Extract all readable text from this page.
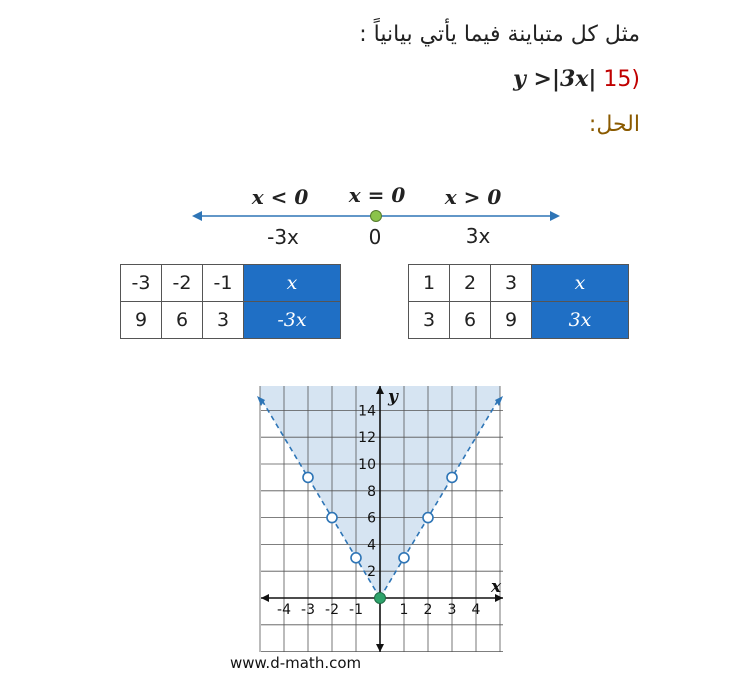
مثل كل متباينة فيما يأتي بيانياً :
y >|3x| 15)
الحل:
x < 0 x = 0 x > 0
-3x	0	3x
-3	-2	-1	x
9	6	3	-3x
1	2	3	x
3	6	9	3x
-4 -3 -2 -1	1 2 3 4
2
4
6
8
10
12
14
x
y
www.d-math.com
